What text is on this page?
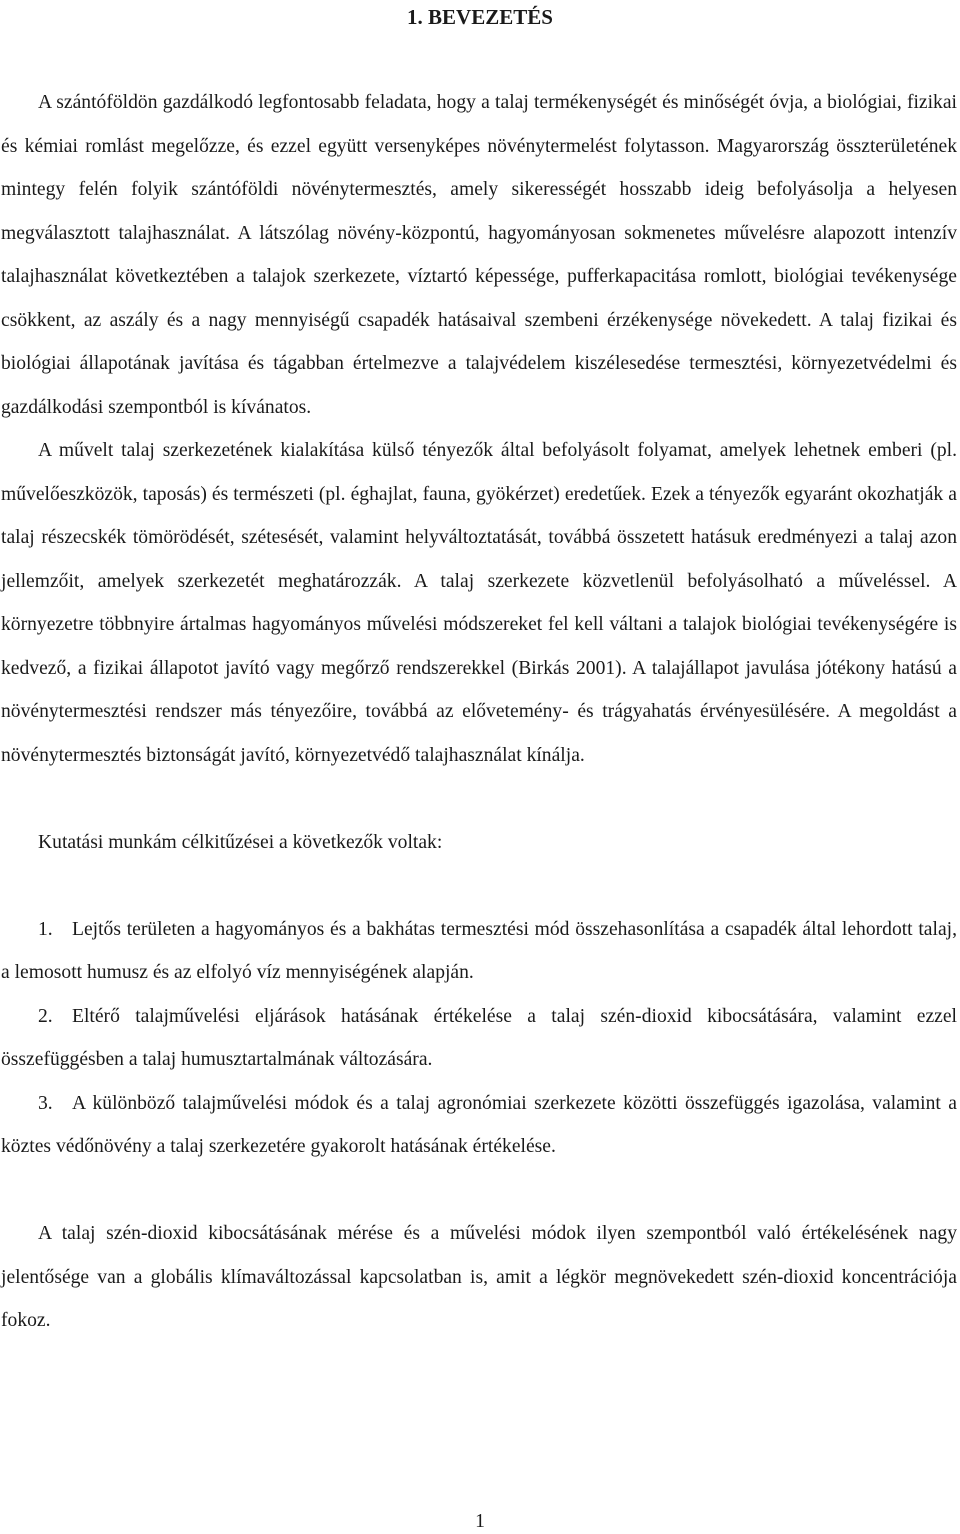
1. BEVEZETÉS

A szántóföldön gazdálkodó legfontosabb feladata, hogy a talaj termékenységét és minőségét óvja, a biológiai, fizikai és kémiai romlást megelőzze, és ezzel együtt versenyképes növénytermelést folytasson. Magyarország összterületének mintegy felén folyik szántóföldi növénytermesztés, amely sikerességét hosszabb ideig befolyásolja a helyesen megválasztott talajhasználat. A látszólag növény-központú, hagyományosan sokmenetes művelésre alapozott intenzív talajhasználat következtében a talajok szerkezete, víztartó képessége, pufferkapacitása romlott, biológiai tevékenysége csökkent, az aszály és a nagy mennyiségű csapadék hatásaival szembeni érzékenysége növekedett. A talaj fizikai és biológiai állapotának javítása és tágabban értelmezve a talajvédelem kiszélesedése termesztési, környezetvédelmi és gazdálkodási szempontból is kívánatos.

A művelt talaj szerkezetének kialakítása külső tényezők által befolyásolt folyamat, amelyek lehetnek emberi (pl. művelőeszközök, taposás) és természeti (pl. éghajlat, fauna, gyökérzet) eredetűek. Ezek a tényezők egyaránt okozhatják a talaj részecskék tömörödését, szétesését, valamint helyváltoztatását, továbbá összetett hatásuk eredményezi a talaj azon jellemzőit, amelyek szerkezetét meghatározzák. A talaj szerkezete közvetlenül befolyásolható a műveléssel. A környezetre többnyire ártalmas hagyományos művelési módszereket fel kell váltani a talajok biológiai tevékenységére is kedvező, a fizikai állapotot javító vagy megőrző rendszerekkel (Birkás 2001). A talajállapot javulása jótékony hatású a növénytermesztési rendszer más tényezőire, továbbá az elővetemény- és trágyahatás érvényesülésére. A megoldást a növénytermesztés biztonságát javító, környezetvédő talajhasználat kínálja.

Kutatási munkám célkitűzései a következők voltak:

1. Lejtős területen a hagyományos és a bakhátas termesztési mód összehasonlítása a csapadék által lehordott talaj, a lemosott humusz és az elfolyó víz mennyiségének alapján.

2. Eltérő talajművelési eljárások hatásának értékelése a talaj szén-dioxid kibocsátására, valamint ezzel összefüggésben a talaj humusztartalmának változására.

3. A különböző talajművelési módok és a talaj agronómiai szerkezete közötti összefüggés igazolása, valamint a köztes védőnövény a talaj szerkezetére gyakorolt hatásának értékelése.

A talaj szén-dioxid kibocsátásának mérése és a művelési módok ilyen szempontból való értékelésének nagy jelentősége van a globális klímaváltozással kapcsolatban is, amit a légkör megnövekedett szén-dioxid koncentrációja fokoz.

1
